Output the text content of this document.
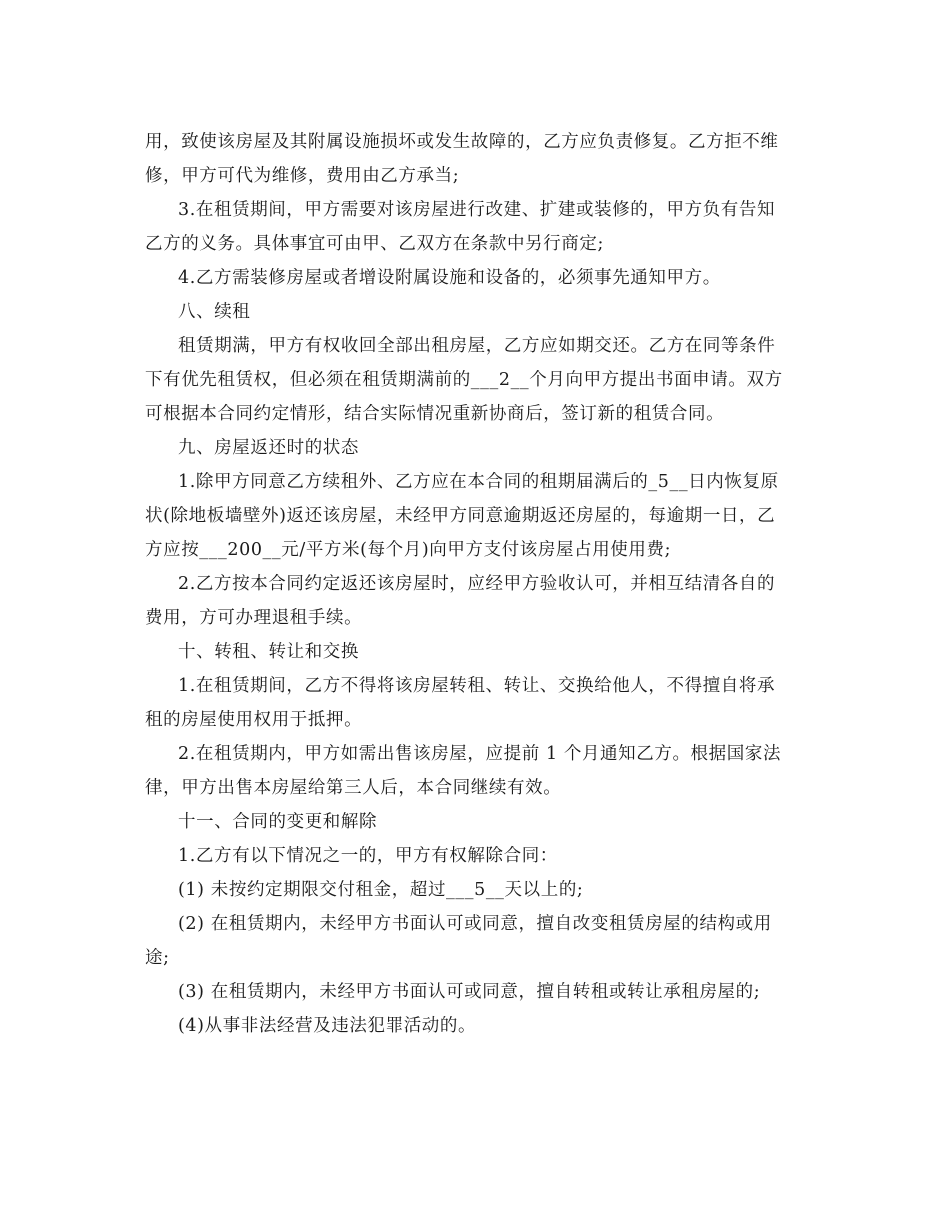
用，致使该房屋及其附属设施损坏或发生故障的，乙方应负责修复。乙方拒不维
修，甲方可代为维修，费用由乙方承当;
3.在租赁期间，甲方需要对该房屋进行改建、扩建或装修的，甲方负有告知
乙方的义务。具体事宜可由甲、乙双方在条款中另行商定;
4.乙方需装修房屋或者增设附属设施和设备的，必须事先通知甲方。
八、续租
租赁期满，甲方有权收回全部出租房屋，乙方应如期交还。乙方在同等条件
下有优先租赁权，但必须在租赁期满前的___2__个月向甲方提出书面申请。双方
可根据本合同约定情形，结合实际情况重新协商后，签订新的租赁合同。
九、房屋返还时的状态
1.除甲方同意乙方续租外、乙方应在本合同的租期届满后的_5__日内恢复原
状(除地板墙壁外)返还该房屋，未经甲方同意逾期返还房屋的，每逾期一日，乙
方应按___200__元/平方米(每个月)向甲方支付该房屋占用使用费;
2.乙方按本合同约定返还该房屋时，应经甲方验收认可，并相互结清各自的
费用，方可办理退租手续。
十、转租、转让和交换
1.在租赁期间，乙方不得将该房屋转租、转让、交换给他人，不得擅自将承
租的房屋使用权用于抵押。
2.在租赁期内，甲方如需出售该房屋，应提前 1 个月通知乙方。根据国家法
律，甲方出售本房屋给第三人后，本合同继续有效。
十一、合同的变更和解除
1.乙方有以下情况之一的，甲方有权解除合同：
(1) 未按约定期限交付租金，超过___5__天以上的;
(2) 在租赁期内，未经甲方书面认可或同意，擅自改变租赁房屋的结构或用
途;
(3) 在租赁期内，未经甲方书面认可或同意，擅自转租或转让承租房屋的;
(4)从事非法经营及违法犯罪活动的。
